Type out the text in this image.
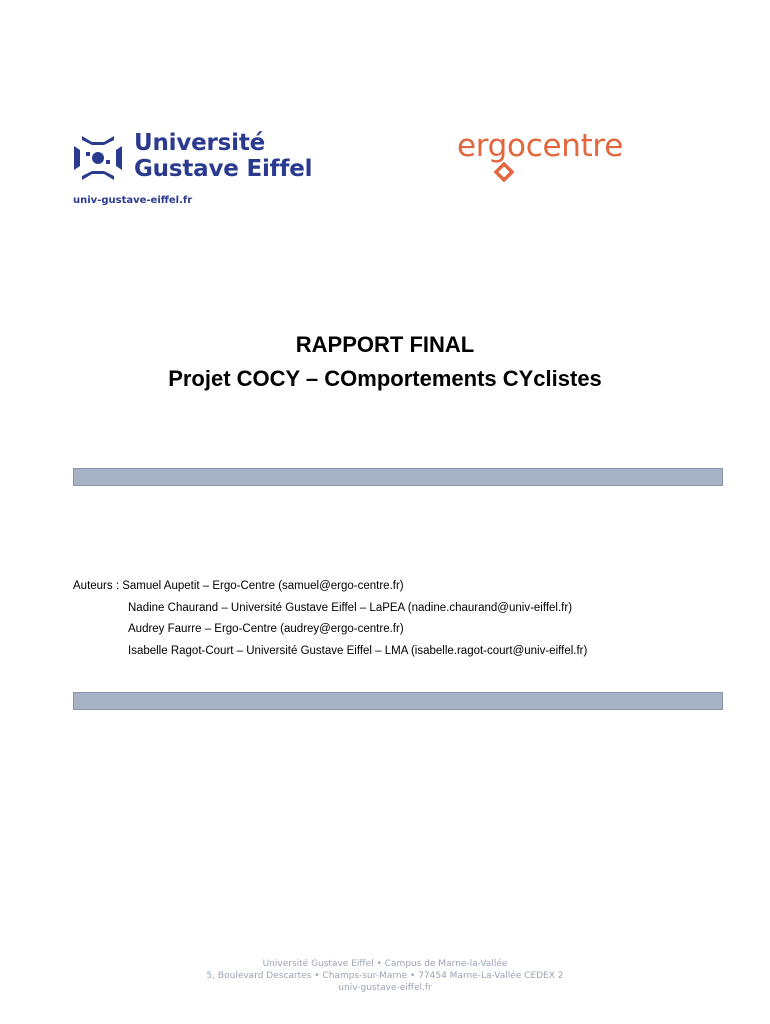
Université
Gustave Eiffel
univ-gustave-eiffel.fr
ergocentre
RAPPORT FINAL
Projet COCY – COmportements CYclistes
Auteurs : Samuel Aupetit – Ergo-Centre (samuel@ergo-centre.fr)
Nadine Chaurand – Université Gustave Eiffel – LaPEA (nadine.chaurand@univ-eiffel.fr)
Audrey Faurre – Ergo-Centre (audrey@ergo-centre.fr)
Isabelle Ragot-Court – Université Gustave Eiffel – LMA (isabelle.ragot-court@univ-eiffel.fr)
Université Gustave Eiffel • Campus de Marne-la-Vallée
5, Boulevard Descartes • Champs-sur-Marne • 77454 Marne-La-Vallée CEDEX 2
univ-gustave-eiffel.fr
